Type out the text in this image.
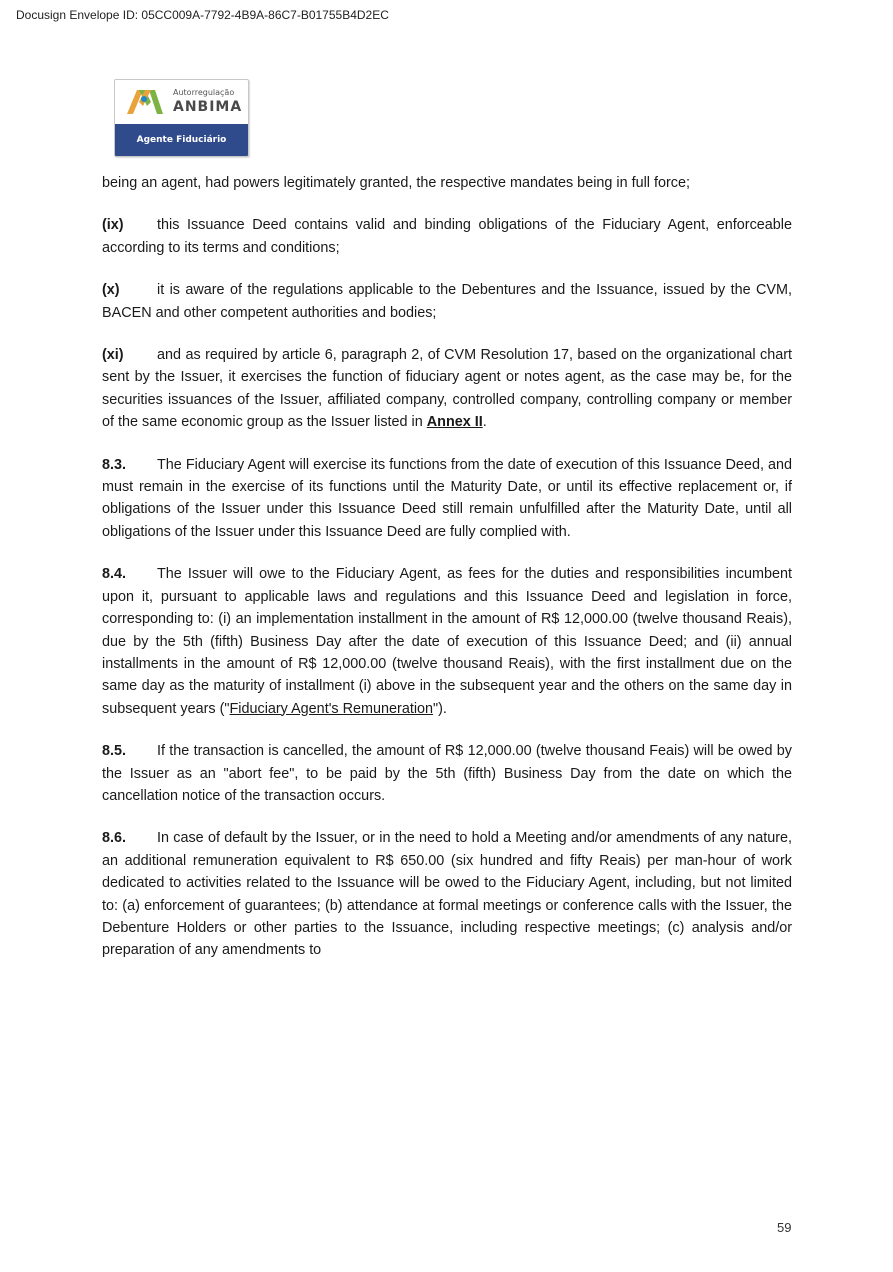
Docusign Envelope ID: 05CC009A-7792-4B9A-86C7-B01755B4D2EC
Autorregulação
ANBIMA
Agente Fiduciário

being an agent, had powers legitimately granted, the respective mandates being in full force;

(ix) this Issuance Deed contains valid and binding obligations of the Fiduciary Agent, enforceable according to its terms and conditions;

(x)	it is aware of the regulations applicable to the Debentures and the Issuance, issued by the CVM, BACEN and other competent authorities and bodies;

(xi) and as required by article 6, paragraph 2, of CVM Resolution 17, based on the organizational chart sent by the Issuer, it exercises the function of fiduciary agent or notes agent, as the case may be, for the securities issuances of the Issuer, affiliated company, controlled company, controlling company or member of the same economic group as the Issuer listed in Annex II.

8.3. The Fiduciary Agent will exercise its functions from the date of execution of this Issuance Deed, and must remain in the exercise of its functions until the Maturity Date, or until its effective replacement or, if obligations of the Issuer under this Issuance Deed still remain unfulfilled after the Maturity Date, until all obligations of the Issuer under this Issuance Deed are fully complied with.

8.4. The Issuer will owe to the Fiduciary Agent, as fees for the duties and responsibilities incumbent upon it, pursuant to applicable laws and regulations and this Issuance Deed and legislation in force, corresponding to: (i) an implementation installment in the amount of R$ 12,000.00 (twelve thousand Reais), due by the 5th (fifth) Business Day after the date of execution of this Issuance Deed; and (ii) annual installments in the amount of R$ 12,000.00 (twelve thousand Reais), with the first installment due on the same day as the maturity of installment (i) above in the subsequent year and the others on the same day in subsequent years ("Fiduciary Agent's Remuneration").

8.5. If the transaction is cancelled, the amount of R$ 12,000.00 (twelve thousand Feais) will be owed by the Issuer as an "abort fee", to be paid by the 5th (fifth) Business Day from the date on which the cancellation notice of the transaction occurs.

8.6. In case of default by the Issuer, or in the need to hold a Meeting and/or amendments of any nature, an additional remuneration equivalent to R$ 650.00 (six hundred and fifty Reais) per man-hour of work dedicated to activities related to the Issuance will be owed to the Fiduciary Agent, including, but not limited to: (a) enforcement of guarantees; (b) attendance at formal meetings or conference calls with the Issuer, the Debenture Holders or other parties to the Issuance, including respective meetings; (c) analysis and/or preparation of any amendments to

59
